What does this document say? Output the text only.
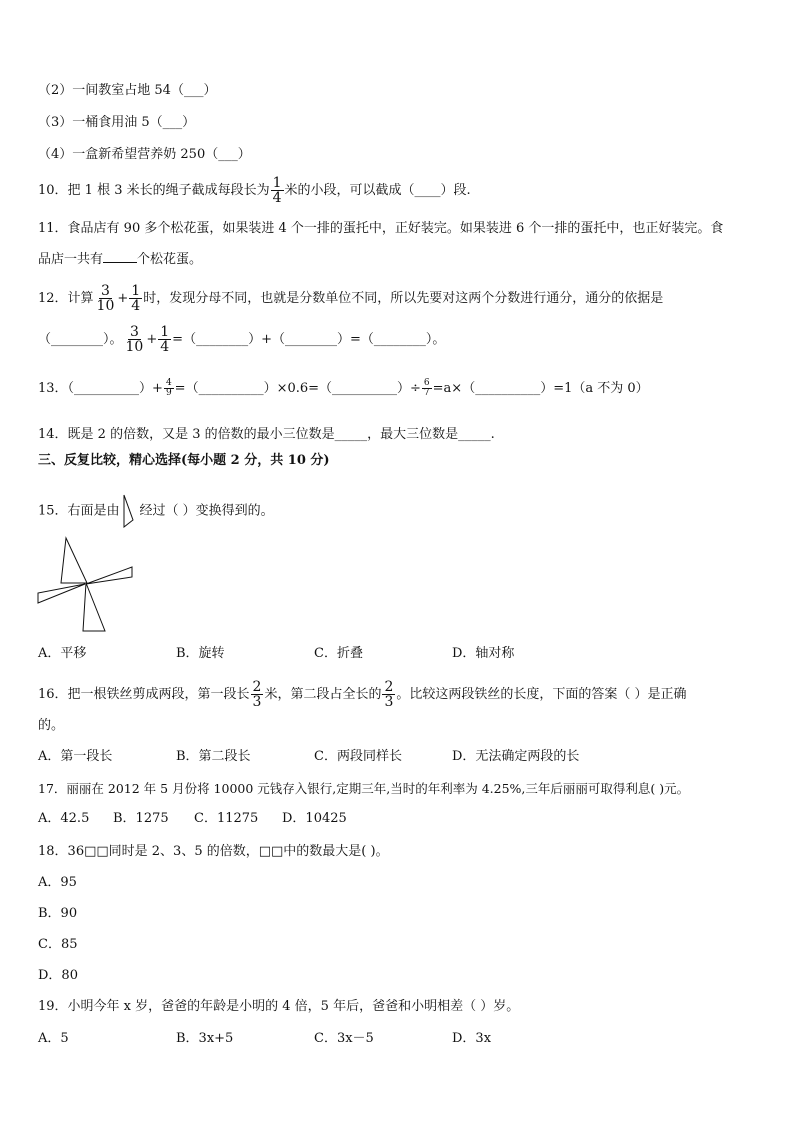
（2）一间教室占地 54（___）
（3）一桶食用油 5（___）
（4）一盒新希望营养奶 250（___）
10．把 1 根 3 米长的绳子截成每段长为 $\frac{1}{4}$ 米的小段，可以截成（____）段.
11．食品店有 90 多个松花蛋，如果装进 4 个一排的蛋托中，正好装完。如果装进 6 个一排的蛋托中，也正好装完。食
品店一共有	个松花蛋。
12．计算 $\frac{3}{10} + \frac{1}{4}$ 时，发现分母不同，也就是分数单位不同，所以先要对这两个分数进行通分，通分的依据是
（________）。 $\frac{3}{10} + \frac{1}{4}$ =（________）+（________）=（________）。
13．（__________）+ $\frac{4}{9}$ =（__________）×0.6=（__________）÷ $\frac{6}{7}$ =a×（__________）=1（a 不为 0）
14．既是 2 的倍数，又是 3 的倍数的最小三位数是_____，最大三位数是_____.
三、反复比较，精心选择(每小题 2 分，共 10 分)
15．右面是由 经过（ ）变换得到的。
A．平移	B．旋转	C．折叠	D．轴对称
16．把一根铁丝剪成两段，第一段长 $\frac{2}{3}$ 米，第二段占全长的 $\frac{2}{3}$ 。比较这两段铁丝的长度，下面的答案（ ）是正确
的。
A．第一段长	B．第二段长	C．两段同样长	D．无法确定两段的长
17．丽丽在 2012 年 5 月份将 10000 元钱存入银行,定期三年,当时的年利率为 4.25%,三年后丽丽可取得利息( )元。
A．42.5 B．1275 C．11275 D．10425
18．36□□同时是 2、3、5 的倍数，□□中的数最大是( )。
A．95
B．90
C．85
D．80
19．小明今年 x 岁，爸爸的年龄是小明的 4 倍，5 年后，爸爸和小明相差（ ）岁。
A．5	B．3x+5	C．3x－5	D．3x
